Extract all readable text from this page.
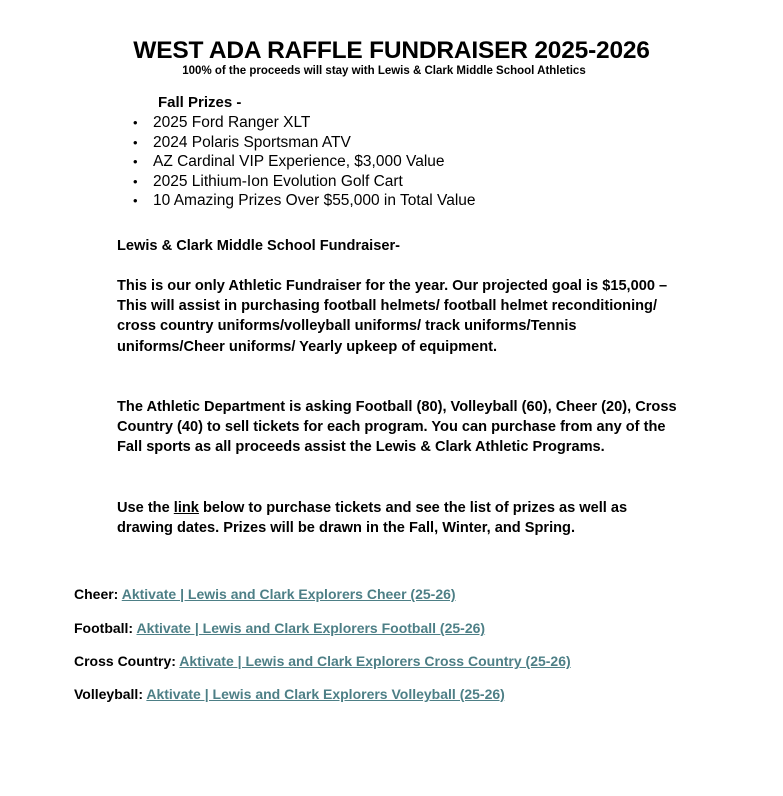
WEST ADA RAFFLE FUNDRAISER 2025-2026
100% of the proceeds will stay with Lewis & Clark Middle School Athletics
Fall Prizes -
• 2025 Ford Ranger XLT
• 2024 Polaris Sportsman ATV
• AZ Cardinal VIP Experience, $3,000 Value
• 2025 Lithium-Ion Evolution Golf Cart
• 10 Amazing Prizes Over $55,000 in Total Value
Lewis & Clark Middle School Fundraiser-

This is our only Athletic Fundraiser for the year. Our projected goal is $15,000 – This will assist in purchasing football helmets/ football helmet reconditioning/ cross country uniforms/volleyball uniforms/ track uniforms/Tennis uniforms/Cheer uniforms/ Yearly upkeep of equipment.

The Athletic Department is asking Football (80), Volleyball (60), Cheer (20), Cross Country (40) to sell tickets for each program. You can purchase from any of the Fall sports as all proceeds assist the Lewis & Clark Athletic Programs.

Use the link below to purchase tickets and see the list of prizes as well as drawing dates. Prizes will be drawn in the Fall, Winter, and Spring.

Cheer: Aktivate | Lewis and Clark Explorers Cheer (25-26)
Football: Aktivate | Lewis and Clark Explorers Football (25-26)
Cross Country: Aktivate | Lewis and Clark Explorers Cross Country (25-26)
Volleyball: Aktivate | Lewis and Clark Explorers Volleyball (25-26)
